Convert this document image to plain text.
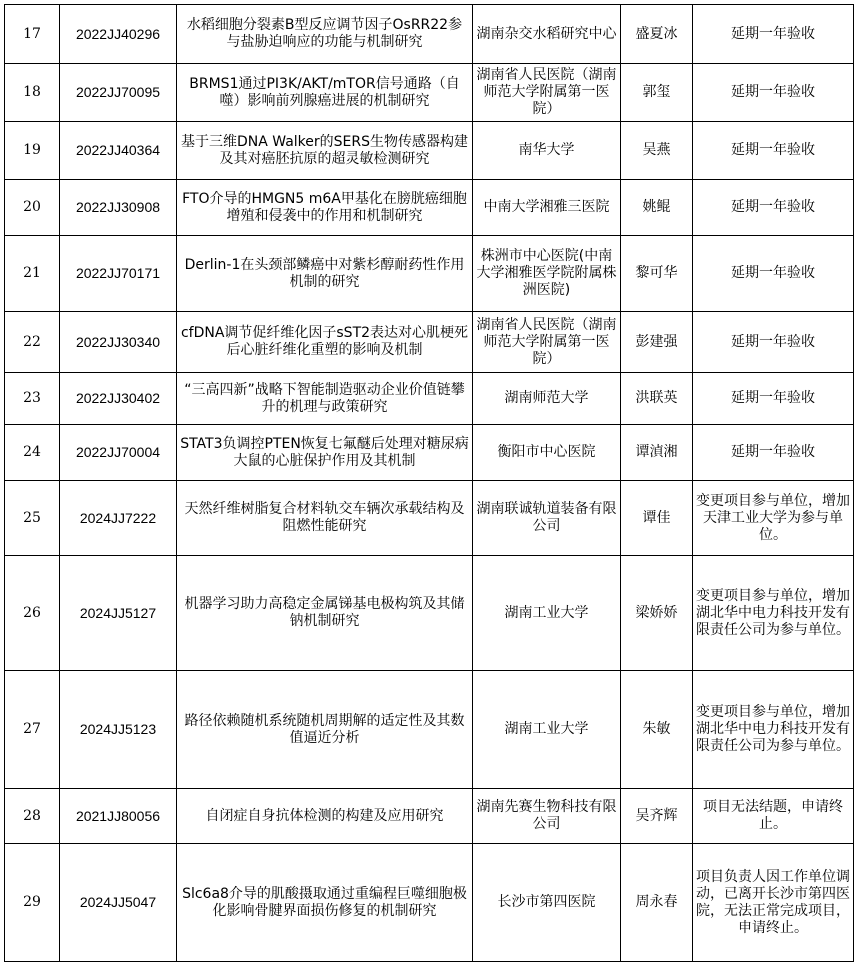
17	2022JJ40296	水稻细胞分裂素B型反应调节因子OsRR22参与盐胁迫响应的功能与机制研究	湖南杂交水稻研究中心	盛夏冰	延期一年验收
18	2022JJ70095	BRMS1通过PI3K/AKT/mTOR信号通路（自噬）影响前列腺癌进展的机制研究	湖南省人民医院（湖南师范大学附属第一医院）	郭玺	延期一年验收
19	2022JJ40364	基于三维DNA Walker的SERS生物传感器构建及其对癌胚抗原的超灵敏检测研究	南华大学	吴燕	延期一年验收
20	2022JJ30908	FTO介导的HMGN5 m6A甲基化在膀胱癌细胞增殖和侵袭中的作用和机制研究	中南大学湘雅三医院	姚鲲	延期一年验收
21	2022JJ70171	Derlin-1在头颈部鳞癌中对紫杉醇耐药性作用机制的研究	株洲市中心医院(中南大学湘雅医学院附属株洲医院)	黎可华	延期一年验收
22	2022JJ30340	cfDNA调节促纤维化因子sST2表达对心肌梗死后心脏纤维化重塑的影响及机制	湖南省人民医院（湖南师范大学附属第一医院）	彭建强	延期一年验收
23	2022JJ30402	“三高四新”战略下智能制造驱动企业价值链攀升的机理与政策研究	湖南师范大学	洪联英	延期一年验收
24	2022JJ70004	STAT3负调控PTEN恢复七氟醚后处理对糖尿病大鼠的心脏保护作用及其机制	衡阳市中心医院	谭湞湘	延期一年验收
25	2024JJ7222	天然纤维树脂复合材料轨交车辆次承载结构及阻燃性能研究	湖南联诚轨道装备有限公司	谭佳	变更项目参与单位，增加天津工业大学为参与单位。
26	2024JJ5127	机器学习助力高稳定金属锑基电极构筑及其储钠机制研究	湖南工业大学	梁娇娇	变更项目参与单位，增加湖北华中电力科技开发有限责任公司为参与单位。
27	2024JJ5123	路径依赖随机系统随机周期解的适定性及其数值逼近分析	湖南工业大学	朱敏	变更项目参与单位，增加湖北华中电力科技开发有限责任公司为参与单位。
28	2021JJ80056	自闭症自身抗体检测的构建及应用研究	湖南先赛生物科技有限公司	吴齐辉	项目无法结题，申请终止。
29	2024JJ5047	Slc6a8介导的肌酸摄取通过重编程巨噬细胞极化影响骨腱界面损伤修复的机制研究	长沙市第四医院	周永春	项目负责人因工作单位调动，已离开长沙市第四医院，无法正常完成项目，
申请终止。
